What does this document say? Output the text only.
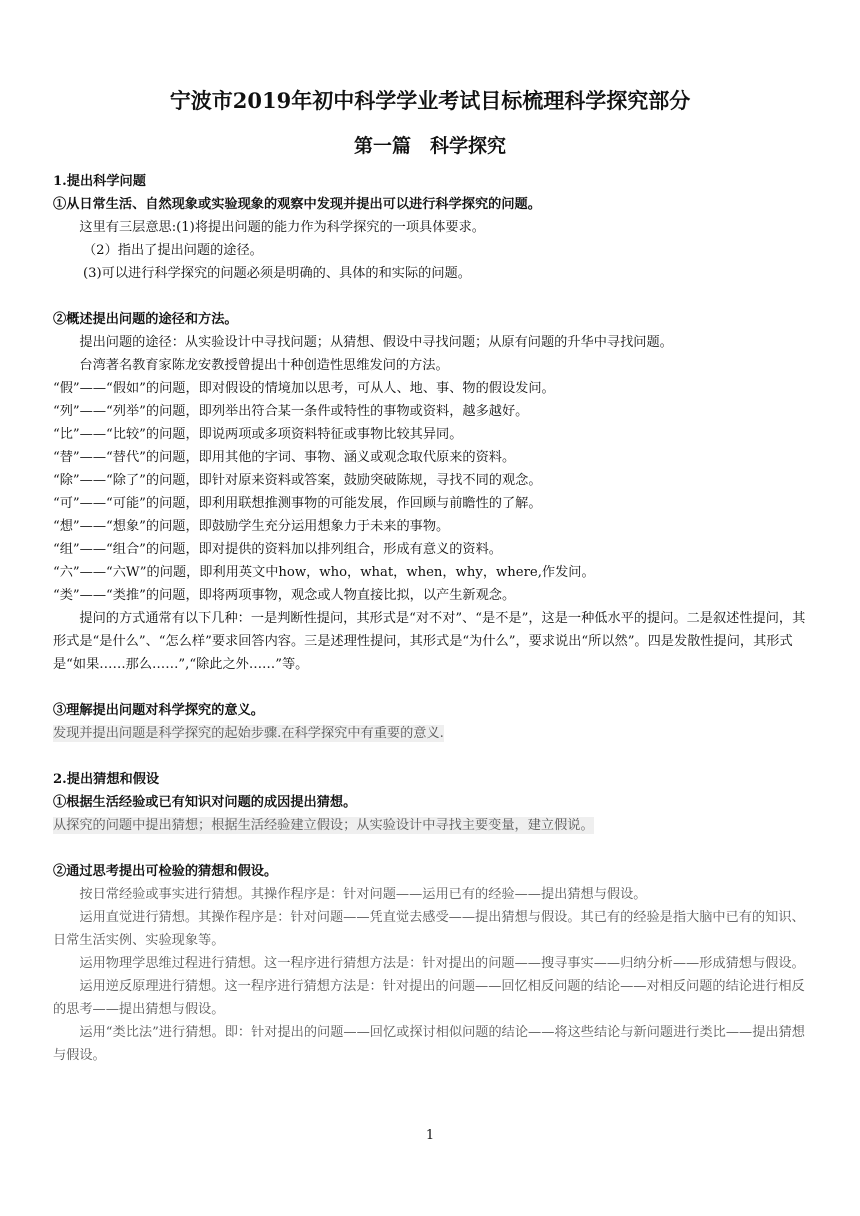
宁波市2019年初中科学学业考试目标梳理科学探究部分
第一篇　科学探究

1.提出科学问题

①从日常生活、自然现象或实验现象的观察中发现并提出可以进行科学探究的问题。

这里有三层意思:(1)将提出问题的能力作为科学探究的一项具体要求。

（2）指出了提出问题的途径。

(3)可以进行科学探究的问题必须是明确的、具体的和实际的问题。

②概述提出问题的途径和方法。

提出问题的途径：从实验设计中寻找问题；从猜想、假设中寻找问题；从原有问题的升华中寻找问题。

台湾著名教育家陈龙安教授曾提出十种创造性思维发问的方法。

“假”——“假如”的问题，即对假设的情境加以思考，可从人、地、事、物的假设发问。

“列”——“列举”的问题，即列举出符合某一条件或特性的事物或资料，越多越好。

“比”——“比较”的问题，即说两项或多项资料特征或事物比较其异同。

“替”——“替代”的问题，即用其他的字词、事物、涵义或观念取代原来的资料。

“除”——“除了”的问题，即针对原来资料或答案，鼓励突破陈规，寻找不同的观念。

“可”——“可能”的问题，即利用联想推测事物的可能发展，作回顾与前瞻性的了解。

“想”——“想象”的问题，即鼓励学生充分运用想象力于未来的事物。

“组”——“组合”的问题，即对提供的资料加以排列组合，形成有意义的资料。

“六”——“六W”的问题，即利用英文中how，who，what，when，why，where,作发问。

“类”——“类推”的问题，即将两项事物，观念或人物直接比拟，以产生新观念。

提问的方式通常有以下几种：一是判断性提问，其形式是“对不对”、“是不是”，这是一种低水平的提问。二是叙述性提问，其形式是“是什么”、“怎么样”要求回答内容。三是述理性提问，其形式是“为什么”，要求说出“所以然”。四是发散性提问，其形式是“如果……那么……”,“除此之外……”等。

③理解提出问题对科学探究的意义。

发现并提出问题是科学探究的起始步骤.在科学探究中有重要的意义.

2.提出猜想和假设

①根据生活经验或已有知识对问题的成因提出猜想。

从探究的问题中提出猜想；根据生活经验建立假设；从实验设计中寻找主要变量，建立假说。

②通过思考提出可检验的猜想和假设。

按日常经验或事实进行猜想。其操作程序是：针对问题——运用已有的经验——提出猜想与假设。

运用直觉进行猜想。其操作程序是：针对问题——凭直觉去感受——提出猜想与假设。其已有的经验是指大脑中已有的知识、日常生活实例、实验现象等。

运用物理学思维过程进行猜想。这一程序进行猜想方法是：针对提出的问题——搜寻事实——归纳分析——形成猜想与假设。

运用逆反原理进行猜想。这一程序进行猜想方法是：针对提出的问题——回忆相反问题的结论——对相反问题的结论进行相反的思考——提出猜想与假设。

运用“类比法”进行猜想。即：针对提出的问题——回忆或探讨相似问题的结论——将这些结论与新问题进行类比——提出猜想与假设。

1
